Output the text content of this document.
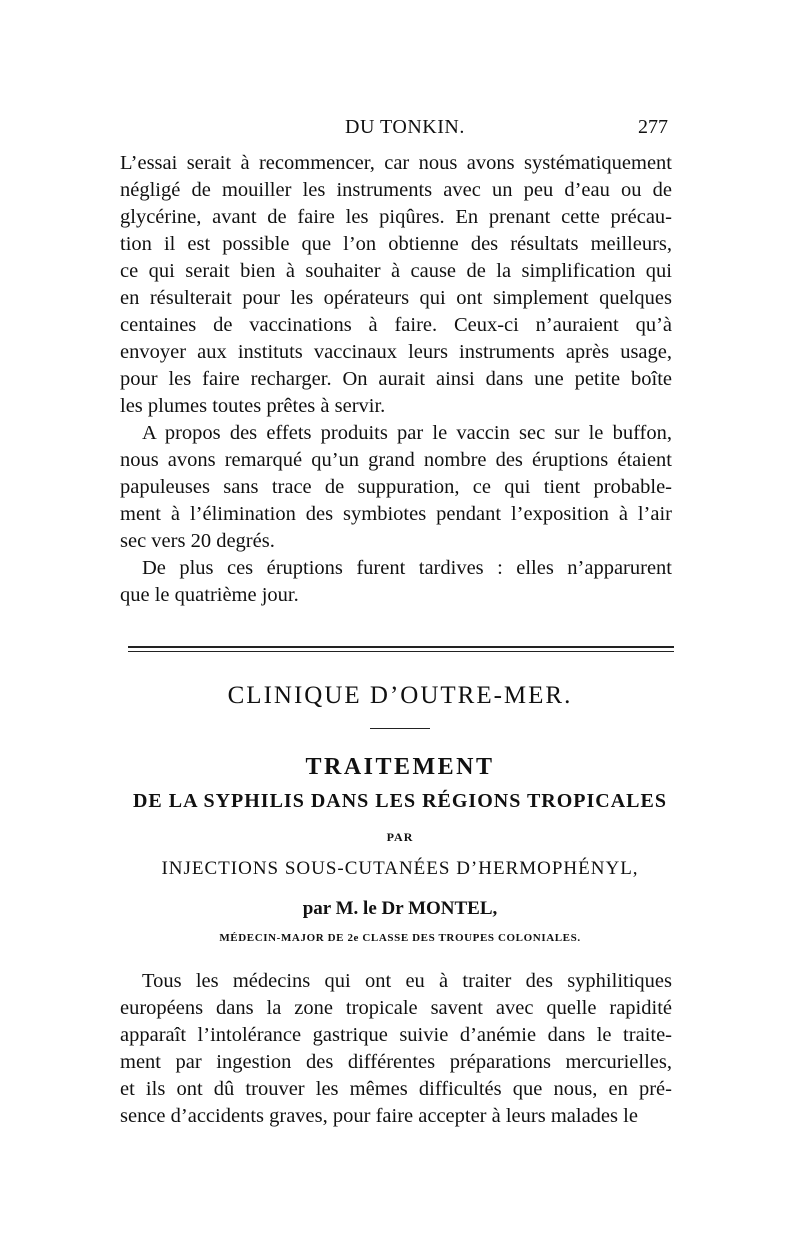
DU TONKIN.	277

L’essai serait à recommencer, car nous avons systématiquement

négligé de mouiller les instruments avec un peu d’eau ou de

glycérine, avant de faire les piqûres. En prenant cette précau-

tion il est possible que l’on obtienne des résultats meilleurs,

ce qui serait bien à souhaiter à cause de la simplification qui

en résulterait pour les opérateurs qui ont simplement quelques

centaines de vaccinations à faire. Ceux-ci n’auraient qu’à

envoyer aux instituts vaccinaux leurs instruments après usage,

pour les faire recharger. On aurait ainsi dans une petite boîte

les plumes toutes prêtes à servir.

A propos des effets produits par le vaccin sec sur le buffon,

nous avons remarqué qu’un grand nombre des éruptions étaient

papuleuses sans trace de suppuration, ce qui tient probable-

ment à l’élimination des symbiotes pendant l’exposition à l’air

sec vers 20 degrés.

De plus ces éruptions furent tardives : elles n’apparurent

que le quatrième jour.

CLINIQUE D’OUTRE-MER.
TRAITEMENT
DE LA SYPHILIS DANS LES RÉGIONS TROPICALES
PAR
INJECTIONS SOUS-CUTANÉES D’HERMOPHÉNYL,
par M. le Dr MONTEL,
MÉDECIN-MAJOR DE 2e CLASSE DES TROUPES COLONIALES.

Tous les médecins qui ont eu à traiter des syphilitiques

européens dans la zone tropicale savent avec quelle rapidité

apparaît l’intolérance gastrique suivie d’anémie dans le traite-

ment par ingestion des différentes préparations mercurielles,

et ils ont dû trouver les mêmes difficultés que nous, en pré-

sence d’accidents graves, pour faire accepter à leurs malades le
